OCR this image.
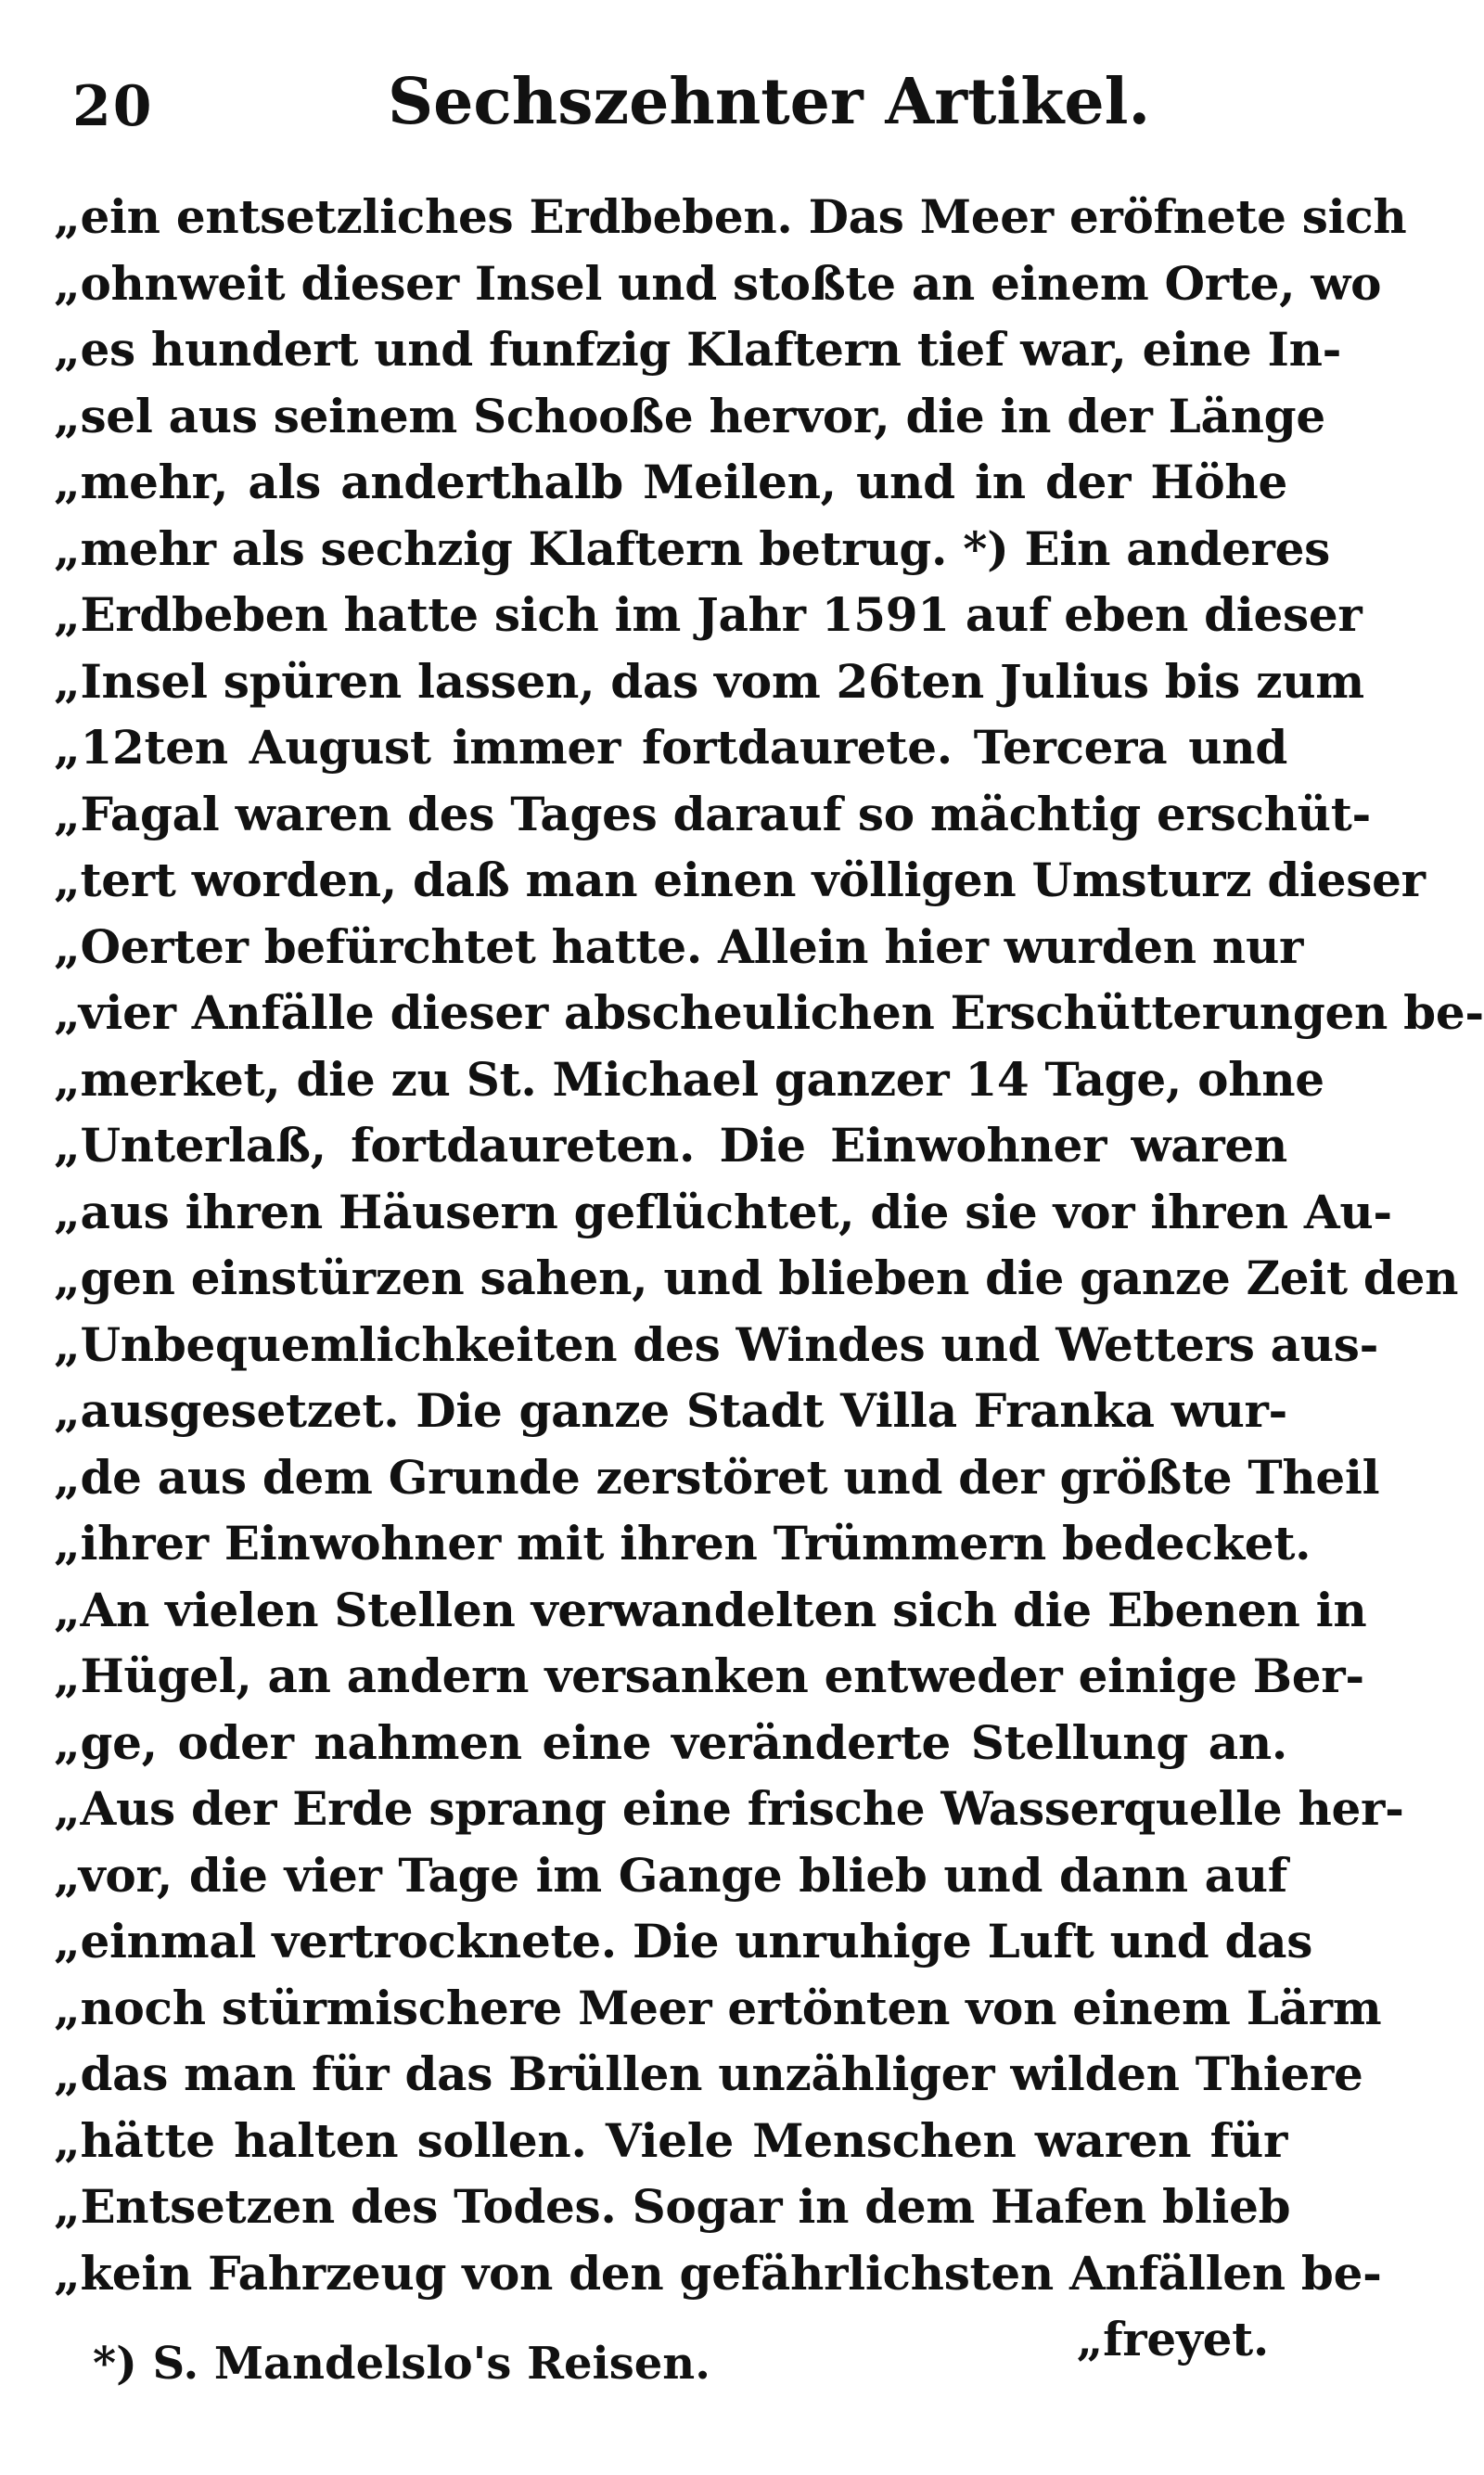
20	Sechszehnter Artikel.
„ein entsetzliches Erdbeben. Das Meer eröfnete sich
„ohnweit dieser Insel und stoßte an einem Orte, wo
„es hundert und funfzig Klaftern tief war, eine In-
„sel aus seinem Schooße hervor, die in der Länge
„mehr, als anderthalb Meilen, und in der Höhe
„mehr als sechzig Klaftern betrug. *) Ein anderes
„Erdbeben hatte sich im Jahr 1591 auf eben dieser
„Insel spüren lassen, das vom 26ten Julius bis zum
„12ten August immer fortdaurete. Tercera und
„Fagal waren des Tages darauf so mächtig erschüt-
„tert worden, daß man einen völligen Umsturz dieser
„Oerter befürchtet hatte. Allein hier wurden nur
„vier Anfälle dieser abscheulichen Erschütterungen be-
„merket, die zu St. Michael ganzer 14 Tage, ohne
„Unterlaß, fortdaureten. Die Einwohner waren
„aus ihren Häusern geflüchtet, die sie vor ihren Au-
„gen einstürzen sahen, und blieben die ganze Zeit den
„Unbequemlichkeiten des Windes und Wetters aus-
„ausgesetzet. Die ganze Stadt Villa Franka wur-
„de aus dem Grunde zerstöret und der größte Theil
„ihrer Einwohner mit ihren Trümmern bedecket.
„An vielen Stellen verwandelten sich die Ebenen in
„Hügel, an andern versanken entweder einige Ber-
„ge, oder nahmen eine veränderte Stellung an.
„Aus der Erde sprang eine frische Wasserquelle her-
„vor, die vier Tage im Gange blieb und dann auf
„einmal vertrocknete. Die unruhige Luft und das
„noch stürmischere Meer ertönten von einem Lärm
„das man für das Brüllen unzähliger wilden Thiere
„hätte halten sollen. Viele Menschen waren für
„Entsetzen des Todes. Sogar in dem Hafen blieb
„kein Fahrzeug von den gefährlichsten Anfällen be-
„freyet.
*) S. Mandelslo's Reisen.
